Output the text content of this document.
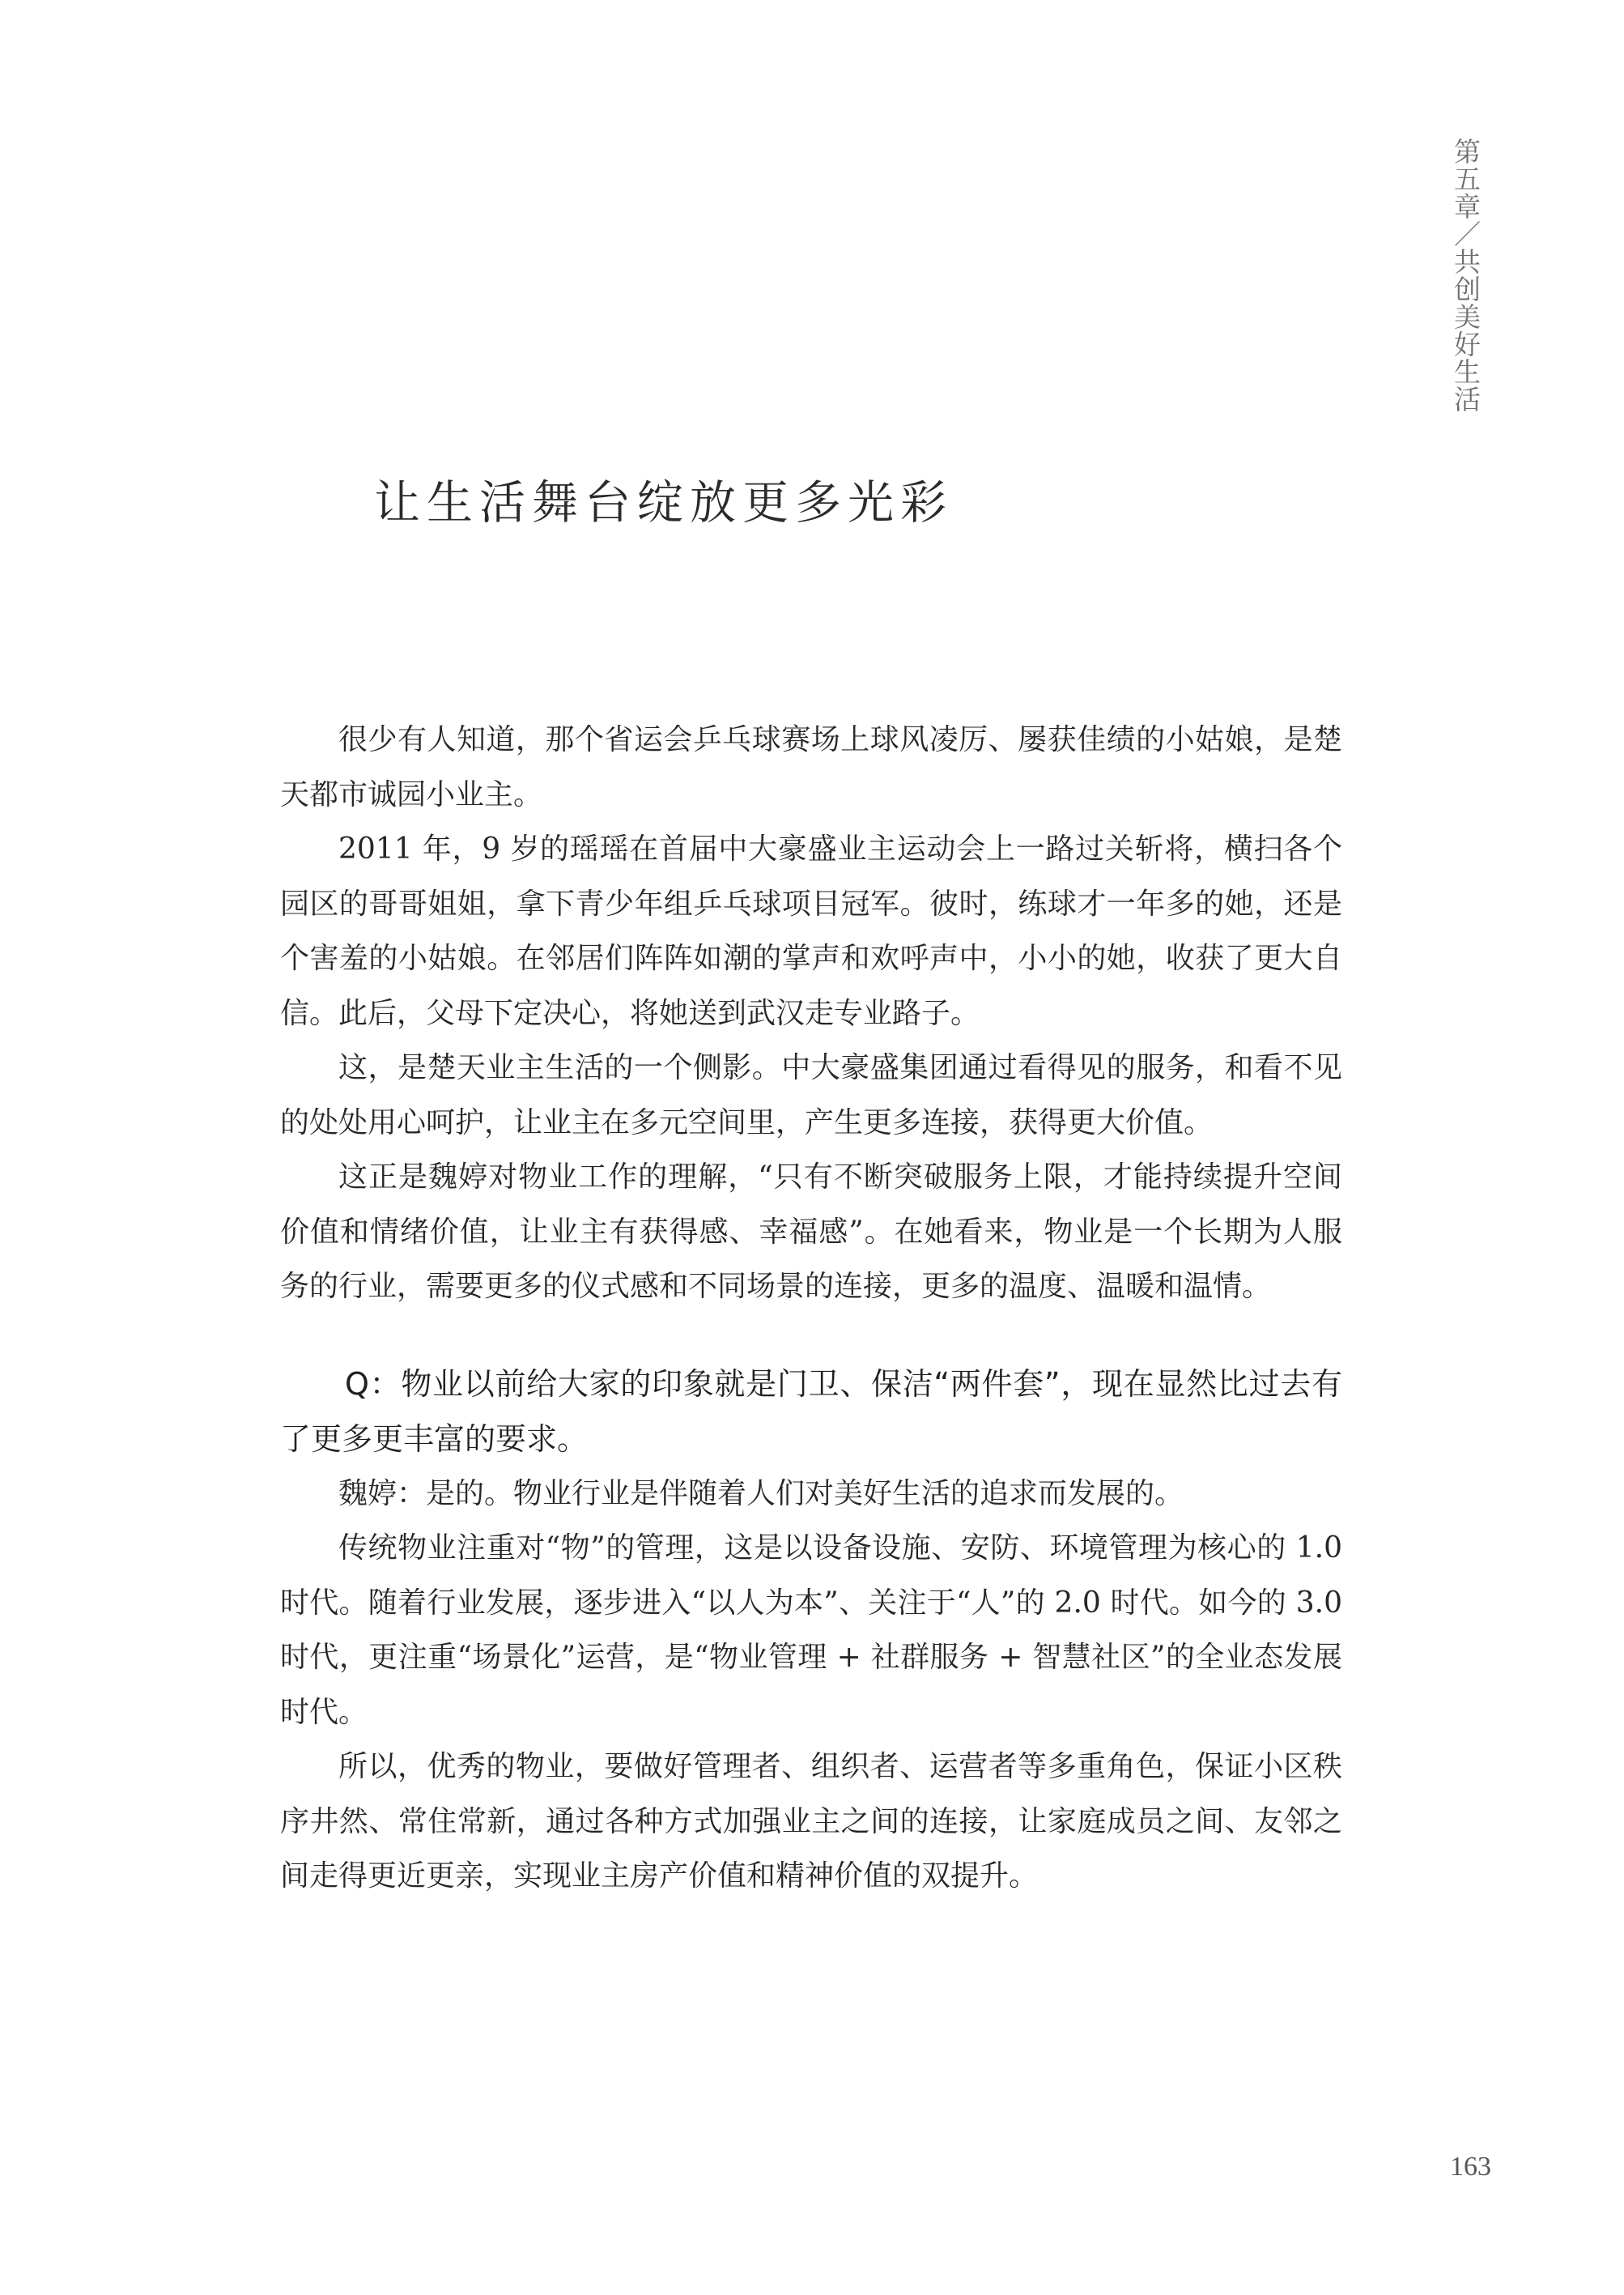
第五章／共创美好生活
让生活舞台绽放更多光彩

很少有人知道，那个省运会乒乓球赛场上球风凌厉、屡获佳绩的小姑娘，是楚天都市诚园小业主。

2011 年，9 岁的瑶瑶在首届中大豪盛业主运动会上一路过关斩将，横扫各个园区的哥哥姐姐，拿下青少年组乒乓球项目冠军。彼时，练球才一年多的她，还是个害羞的小姑娘。在邻居们阵阵如潮的掌声和欢呼声中，小小的她，收获了更大自信。此后，父母下定决心，将她送到武汉走专业路子。

这，是楚天业主生活的一个侧影。中大豪盛集团通过看得见的服务，和看不见的处处用心呵护，让业主在多元空间里，产生更多连接，获得更大价值。

这正是魏婷对物业工作的理解，“只有不断突破服务上限，才能持续提升空间价值和情绪价值，让业主有获得感、幸福感”。在她看来，物业是一个长期为人服务的行业，需要更多的仪式感和不同场景的连接，更多的温度、温暖和温情。

Q：物业以前给大家的印象就是门卫、保洁“两件套”，现在显然比过去有了更多更丰富的要求。

魏婷：是的。物业行业是伴随着人们对美好生活的追求而发展的。

传统物业注重对“物”的管理，这是以设备设施、安防、环境管理为核心的 1.0 时代。随着行业发展，逐步进入“以人为本”、关注于“人”的 2.0 时代。如今的 3.0 时代，更注重“场景化”运营，是“物业管理 + 社群服务 + 智慧社区”的全业态发展时代。

所以，优秀的物业，要做好管理者、组织者、运营者等多重角色，保证小区秩序井然、常住常新，通过各种方式加强业主之间的连接，让家庭成员之间、友邻之间走得更近更亲，实现业主房产价值和精神价值的双提升。

163
